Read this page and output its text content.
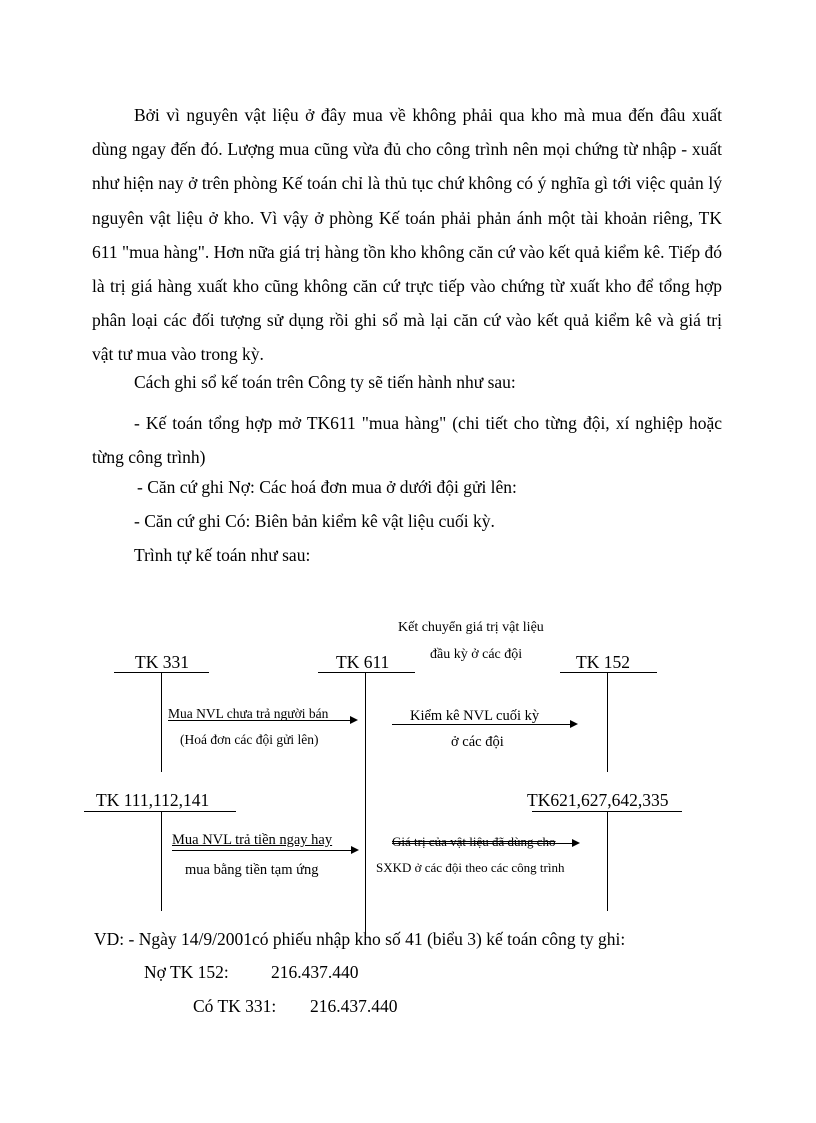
Bởi vì nguyên vật liệu ở đây mua về không phải qua kho mà mua đến đâu xuất dùng ngay đến đó. Lượng mua cũng vừa đủ cho công trình nên mọi chứng từ nhập - xuất như hiện nay ở trên phòng Kế toán chỉ là thủ tục chứ không có ý nghĩa gì tới việc quản lý nguyên vật liệu ở kho. Vì vậy ở phòng Kế toán phải phản ánh một tài khoản riêng, TK 611 "mua hàng". Hơn nữa giá trị hàng tồn kho không căn cứ vào kết quả kiểm kê. Tiếp đó là trị giá hàng xuất kho cũng không căn cứ trực tiếp vào chứng từ xuất kho để tổng hợp phân loại các đối tượng sử dụng rồi ghi sổ mà lại căn cứ vào kết quả kiểm kê và giá trị vật tư mua vào trong kỳ.

Cách ghi sổ kế toán trên Công ty sẽ tiến hành như sau:

- Kế toán tổng hợp mở TK611 "mua hàng" (chi tiết cho từng đội, xí nghiệp hoặc từng công trình)

- Căn cứ ghi Nợ: Các hoá đơn mua ở dưới đội gửi lên:

- Căn cứ ghi Có: Biên bản kiểm kê vật liệu cuối kỳ.

Trình tự kế toán như sau:

Kết chuyển giá trị vật liệu
đầu kỳ ở các đội
TK 331	TK 611	TK 152
Mua NVL chưa trả người bán
(Hoá đơn các đội gửi lên)
Kiểm kê NVL cuối kỳ
ở các đội
TK 111,112,141	TK621,627,642,335
Mua NVL trả tiền ngay hay
mua bằng tiền tạm ứng
Giá trị của vật liệu đã dùng cho
SXKD ở các đội theo các công trình

VD: - Ngày 14/9/2001có phiếu nhập kho số 41 (biểu 3) kế toán công ty ghi:

Nợ TK 152: 216.437.440

Có TK 331: 216.437.440
